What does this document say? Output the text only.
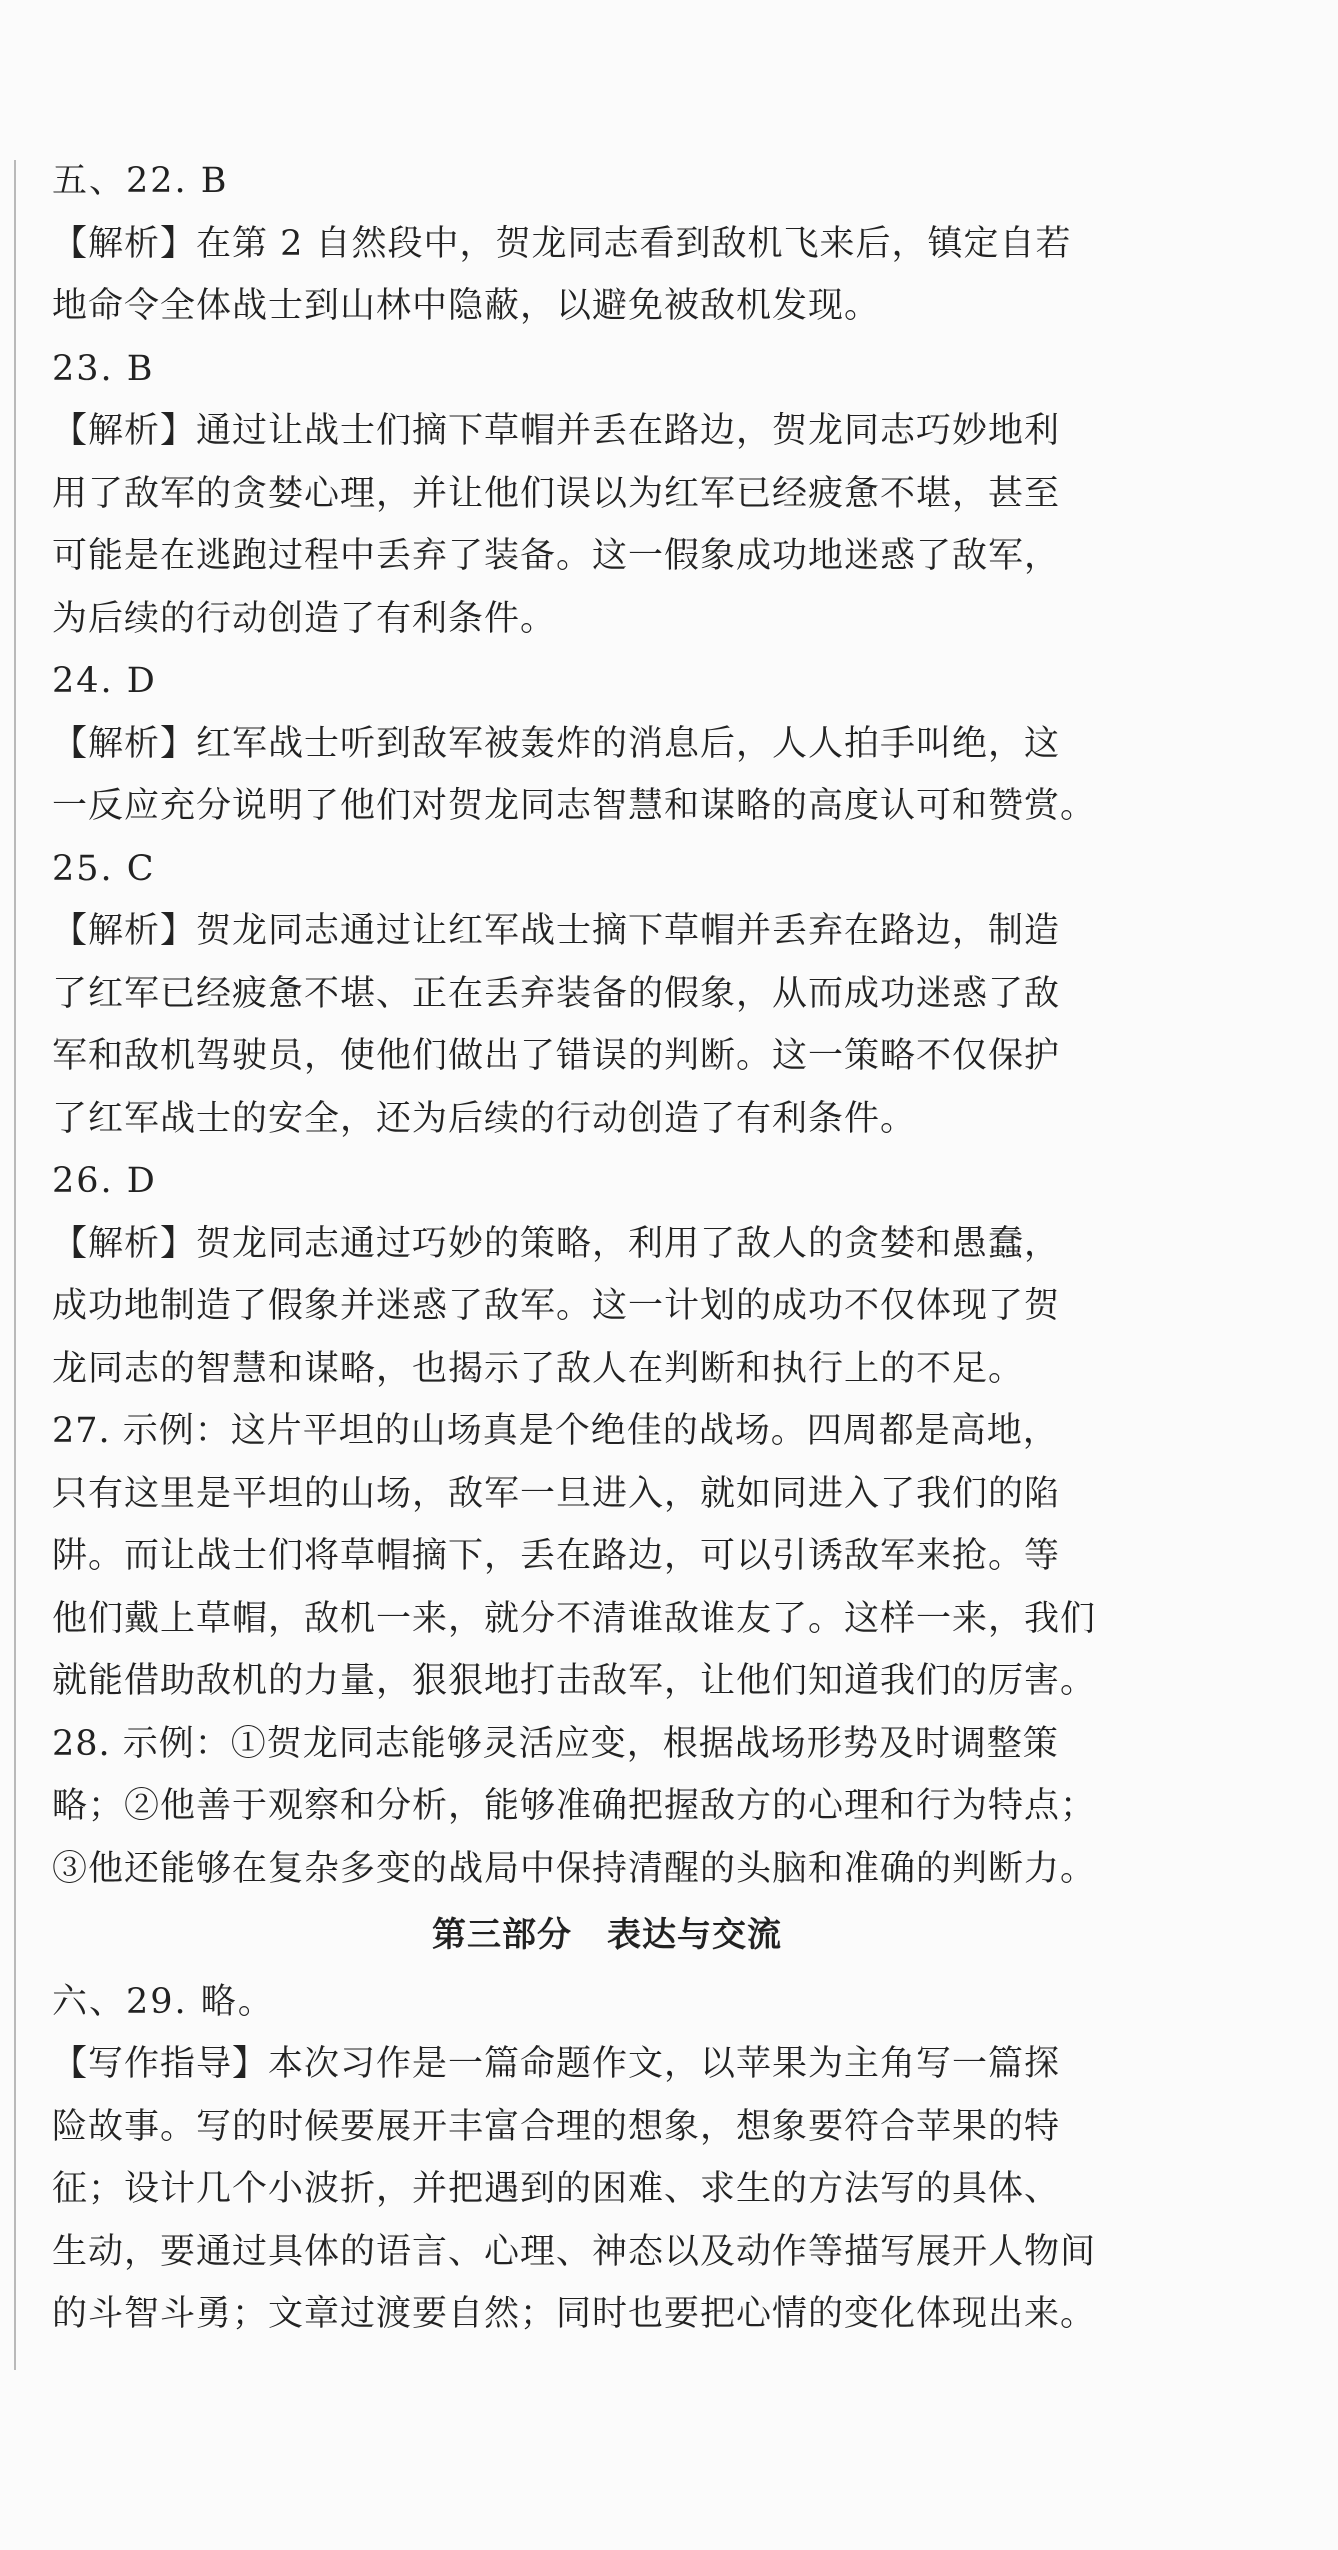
五、22. B
【解析】在第 2 自然段中，贺龙同志看到敌机飞来后，镇定自若
地命令全体战士到山林中隐蔽，以避免被敌机发现。
23. B
【解析】通过让战士们摘下草帽并丢在路边，贺龙同志巧妙地利
用了敌军的贪婪心理，并让他们误以为红军已经疲惫不堪，甚至
可能是在逃跑过程中丢弃了装备。这一假象成功地迷惑了敌军，
为后续的行动创造了有利条件。
24. D
【解析】红军战士听到敌军被轰炸的消息后，人人拍手叫绝，这
一反应充分说明了他们对贺龙同志智慧和谋略的高度认可和赞赏。
25. C
【解析】贺龙同志通过让红军战士摘下草帽并丢弃在路边，制造
了红军已经疲惫不堪、正在丢弃装备的假象，从而成功迷惑了敌
军和敌机驾驶员，使他们做出了错误的判断。这一策略不仅保护
了红军战士的安全，还为后续的行动创造了有利条件。
26. D
【解析】贺龙同志通过巧妙的策略，利用了敌人的贪婪和愚蠢，
成功地制造了假象并迷惑了敌军。这一计划的成功不仅体现了贺
龙同志的智慧和谋略，也揭示了敌人在判断和执行上的不足。
27. 示例：这片平坦的山场真是个绝佳的战场。四周都是高地，
只有这里是平坦的山场，敌军一旦进入，就如同进入了我们的陷
阱。而让战士们将草帽摘下，丢在路边，可以引诱敌军来抢。等
他们戴上草帽，敌机一来，就分不清谁敌谁友了。这样一来，我们
就能借助敌机的力量，狠狠地打击敌军，让他们知道我们的厉害。
28. 示例：①贺龙同志能够灵活应变，根据战场形势及时调整策
略；②他善于观察和分析，能够准确把握敌方的心理和行为特点；
③他还能够在复杂多变的战局中保持清醒的头脑和准确的判断力。
第三部分　表达与交流
六、29. 略。
【写作指导】本次习作是一篇命题作文，以苹果为主角写一篇探
险故事。写的时候要展开丰富合理的想象，想象要符合苹果的特
征；设计几个小波折，并把遇到的困难、求生的方法写的具体、
生动，要通过具体的语言、心理、神态以及动作等描写展开人物间
的斗智斗勇；文章过渡要自然；同时也要把心情的变化体现出来。
